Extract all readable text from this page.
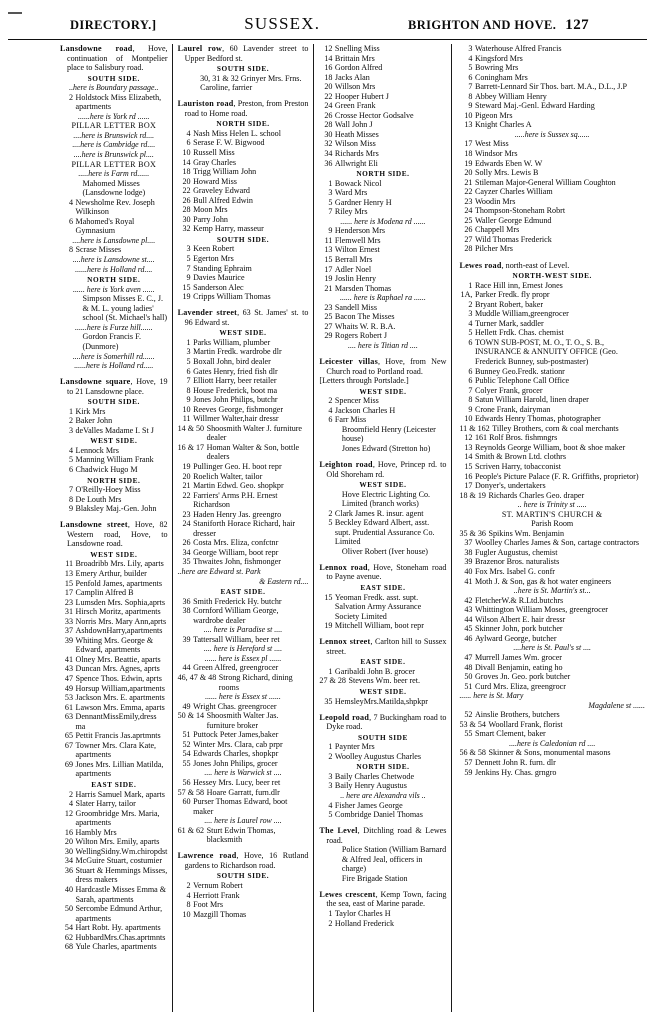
DIRECTORY.]	SUSSEX.	BRIGHTON AND HOVE. 127
Lansdowne road, Hove, continuation of Montpelier place to Salisbury road.
SOUTH SIDE.
..here is Boundary passage..
2 Holdstock Miss Elizabeth, apartments
......here is York rd ......
PILLAR LETTER BOX
....here is Brunswick rd....
....here is Cambridge rd....
....here is Brunswick pl....
PILLAR LETTER BOX
.....here is Farm rd......
Mahomed Misses (Lansdowne lodge)
4 Newsholme Rev. Joseph Wilkinson
6 Mahomed's Royal Gymnasium
....here is Lansdowne pl....
8 Scrase Misses
....here is Lansdowne st....
......here is Holland rd....
NORTH SIDE.
...... here is York aven ......
Simpson Misses E. C., J. & M. L. young ladies' school (St. Michael's hall)
......here is Furze hill......
Gordon Francis F. (Dunmore)
....here is Somerhill rd......
......here is Holland rd.....
Lansdowne square, Hove, 19 to 21 Lansdowne place.
SOUTH SIDE.
1 Kirk Mrs
2 Baker John
3 deValles Madame I. St J
WEST SIDE.
4 Lennock Mrs
5 Manning William Frank
6 Chadwick Hugo M
NORTH SIDE.
7 O'Reilly-Hoey Miss
8 De Louth Mrs
9 Blaksley Maj.-Gen. John
Lansdowne street, Hove, 82 Western road, Hove, to Lansdowne road.
WEST SIDE.
11 Broadribb Mrs. Lily, aparts
13 Emery Arthur, builder
15 Penfold James, apartments
17 Camplin Alfred B
23 Lumsden Mrs. Sophia,aprts
31 Hirsch Moritz, apartments
33 Norris Mrs. Mary Ann,aprts
37 AshdownHarry,apartments
39 Whiting Mrs. George & Edward, apartments
41 Olney Mrs. Beattie, aparts
43 Duncan Mrs. Agnes, aprts
47 Spence Thos. Edwin, aprts
49 Horsup William,apartments
53 Jackson Mrs. E. apartments
61 Lawson Mrs. Emma, aparts
63 DennantMissEmily,dress ma
65 Pettit Francis Jas.aprtmnts
67 Towner Mrs. Clara Kate, apartments
69 Jones Mrs. Lillian Matilda, apartments
EAST SIDE.
2 Harris Samuel Mark, aparts
4 Slater Harry, tailor
12 Groombridge Mrs. Maria, apartments
16 Hambly Mrs
20 Wilton Mrs. Emily, aparts
30 WellingSidny.Wm.chiropdst
34 McGuire Stuart, costumier
36 Stuart & Hemmings Misses, dress makers
40 Hardcastle Misses Emma & Sarah, apartments
50 Sercombe Edmund Arthur, apartments
54 Hart Robt. Hy. apartments
62 HubbardMrs.Chas.aprtmnts
68 Yule Charles, apartments
Laurel row, 60 Lavender street to Upper Bedford st.
SOUTH SIDE.
30, 31 & 32 Grinyer Mrs. Frns. Caroline, farrier
Lauriston road, Preston, from Preston road to Home road.
NORTH SIDE.
4 Nash Miss Helen L. school
6 Serase F. W. Bigwood
10 Russell Miss
14 Gray Charles
18 Trigg William John
20 Howard Miss
22 Graveley Edward
26 Bull Alfred Edwin
28 Moon Mrs
30 Parry John
32 Kemp Harry, masseur
SOUTH SIDE.
3 Keen Robert
5 Egerton Mrs
7 Standing Ephraim
9 Davies Maurice
15 Sanderson Alec
19 Cripps William Thomas
Lavender street, 63 St. James' st. to 96 Edward st.
WEST SIDE.
1 Parks William, plumber
3 Martin Fredk. wardrobe dlr
5 Boxall John, bird dealer
6 Gates Henry, fried fish dlr
7 Elliott Harry, beer retailer
8 House Frederick, boot ma
9 Jones John Philips, butchr
10 Reeves George, fishmonger
11 Willmer Walter,hair dressr
14 & 50 Shoosmith Walter J. furniture dealer
16 & 17 Homan Walter & Son, bottle dealers
19 Pullinger Geo. H. boot repr
20 Roelich Walter, tailor
21 Martin Edwd. Geo. shopkpr
22 Farriers' Arms P.H. Ernest Richardson
23 Haden Henry Jas. greengro
24 Staniforth Horace Richard, hair dresser
26 Costa Mrs. Eliza, confctnr
34 George William, boot repr
35 Thwaites John, fishmonger
..here are Edward st. Park
& Eastern rd....
EAST SIDE.
36 Smith Frederick Hy. butchr
38 Cornford William George, wardrobe dealer
.... here is Paradise st ....
39 Tattersall William, beer ret
.... here is Hereford st ....
...... here is Essex pl ......
44 Green Alfred, greengrocer
46, 47 & 48 Strong Richard, dining rooms
...... here is Essex st ......
49 Wright Chas. greengrocer
50 & 14 Shoosmith Walter Jas. furniture broker
51 Puttock Peter James,baker
52 Winter Mrs. Clara, cab prpr
54 Edwards Charles, shopkpr
55 Jones John Philips, grocer
.... here is Warwick st ....
56 Hessey Mrs. Lucy, beer ret
57 & 58 Hoare Garratt, furn.dlr
60 Purser Thomas Edward, boot maker
.... here is Laurel row ....
61 & 62 Sturt Edwin Thomas, blacksmith
Lawrence road, Hove, 16 Rutland gardens to Richardson road.
SOUTH SIDE.
2 Vernum Robert
4 Herriott Frank
8 Foot Mrs
10 Mazgill Thomas
12 Snelling Miss
14 Brittain Mrs
16 Gordon Alfred
18 Jacks Alan
20 Willson Mrs
22 Hooper Hubert J
24 Green Frank
26 Crosse Hector Godsalve
28 Wall John J
30 Heath Misses
32 Wilson Miss
34 Richards Mrs
36 Allwright Eli
NORTH SIDE.
1 Bowack Nicol
3 Ward Mrs
5 Gardner Henry H
7 Riley Mrs
...... here is Modena rd ......
9 Henderson Mrs
11 Flemwell Mrs
13 Wilton Ernest
15 Berrall Mrs
17 Adler Noel
19 Joslin Henry
21 Marsden Thomas
...... here is Raphael ra ......
23 Sandell Miss
25 Bacon The Misses
27 Whaits W. R. B.A.
29 Rogers Robert J
.... here is Titian rd ....
Leicester villas, Hove, from New Church road to Portland road.
[Letters through Portslade.]
WEST SIDE.
2 Spencer Miss
4 Jackson Charles H
6 Farr Miss
Broomfield Henry (Leicester house)
Jones Edward (Stretton ho)
Leighton road, Hove, Princep rd. to Old Shoreham rd.
WEST SIDE.
Hove Electric Lighting Co. Limited (branch works)
2 Clark James R. insur. agent
5 Beckley Edward Albert, asst. supt. Prudential Assurance Co. Limited
Oliver Robert (Iver house)
Lennox road, Hove, Stoneham road to Payne avenue.
EAST SIDE.
15 Yeoman Fredk. asst. supt. Salvation Army Assurance Society Limited
19 Mitchell William, boot repr
Lennox street, Carlton hill to Sussex street.
EAST SIDE.
1 Garibaldi John B. grocer
27 & 28 Stevens Wm. beer ret.
WEST SIDE.
35 HemsleyMrs.Matilda,shpkpr
Leopold road, 7 Buckingham road to Dyke road.
SOUTH SIDE
1 Paynter Mrs
2 Woolley Augustus Charles
NORTH SIDE.
3 Baily Charles Chetwode
3 Baily Henry Augustus
.. here are Alexandra vils ..
4 Fisher James George
5 Combridge Daniel Thomas
The Level, Ditchling road & Lewes road.
Police Station (William Barnard & Alfred Jeal, officers in charge)
Fire Brigade Station
Lewes crescent, Kemp Town, facing the sea, east of Marine parade.
1 Taylor Charles H
2 Holland Frederick
3 Waterhouse Alfred Francis
4 Kingsford Mrs
5 Bowring Mrs
6 Coningham Mrs
7 Barrett-Lennard Sir Thos. bart. M.A., D.L., J.P
8 Abbey William Henry
9 Steward Maj.-Genl. Edward Harding
10 Pigeon Mrs
13 Knight Charles A
.....here is Sussex sq......
17 West Miss
18 Windsor Mrs
19 Edwards Eben W. W
20 Solly Mrs. Lewis B
21 Stileman Major-General William Coughton
22 Cayzer Charles William
23 Woodin Mrs
24 Thompson-Stoneham Robrt
25 Waller George Edmund
26 Chappell Mrs
27 Wild Thomas Frederick
28 Pilcher Mrs
Lewes road, north-east of Level.
NORTH-WEST SIDE.
1 Race Hill inn, Ernest Jones
1A, Parker Fredk. fly propr
2 Bryant Robert, baker
3 Muddle William,greengrocer
4 Turner Mark, saddler
5 Hellett Frdk. Chas. chemist
6 TOWN SUB-POST, M. O., T. O., S. B., INSURANCE & ANNUITY OFFICE (Geo. Frederick Bunney, sub-postmaster)
6 Bunney Geo.Fredk. stationr
6 Public Telephone Call Office
7 Colyer Frank, grocer
8 Satun William Harold, linen draper
9 Crone Frank, dairyman
10 Edwards Henry Thomas, photographer
11 & 162 Tilley Brothers, corn & coal merchants
12 161 Rolf Bros. fishmngrs
13 Reynolds George William, boot & shoe maker
14 Smith & Brown Ltd. clothrs
15 Scriven Harry, tobacconist
16 People's Picture Palace (F. R. Griffiths, proprietor)
17 Donyer's, undertakers
18 & 19 Richards Charles Geo. draper
.. here is Trinity st .....
ST. MARTIN'S CHURCH &
Parish Room
35 & 36 Spikins Wm. Benjamin
37 Woolley Charles James & Son, cartage contractors
38 Fugler Augustus, chemist
39 Brazenor Bros. naturalists
40 Fox Mrs. Isabel G. confr
41 Moth J. & Son, gas & hot water engineers
..here is St. Martin's st...
42 FletcherW.& R.Ltd.butchrs
43 Whittington William Moses, greengrocer
44 Wilson Albert E. hair dressr
45 Skinner John, pork butcher
46 Aylward George, butcher
....here is St. Paul's st ....
47 Murrell James Wm. grocer
48 Divall Benjamin, eating ho
50 Groves Jn. Geo. pork butcher
51 Curd Mrs. Eliza, greengrocr
...... here is St. Mary
Magdalene st ......
52 Ainslie Brothers, butchers
53 & 54 Woollard Frank, florist
55 Smart Clement, baker
....here is Caledonian rd ....
56 & 58 Skinner & Sons, monumental masons
57 Dennett John R. furn. dlr
59 Jenkins Hy. Chas. grngro
